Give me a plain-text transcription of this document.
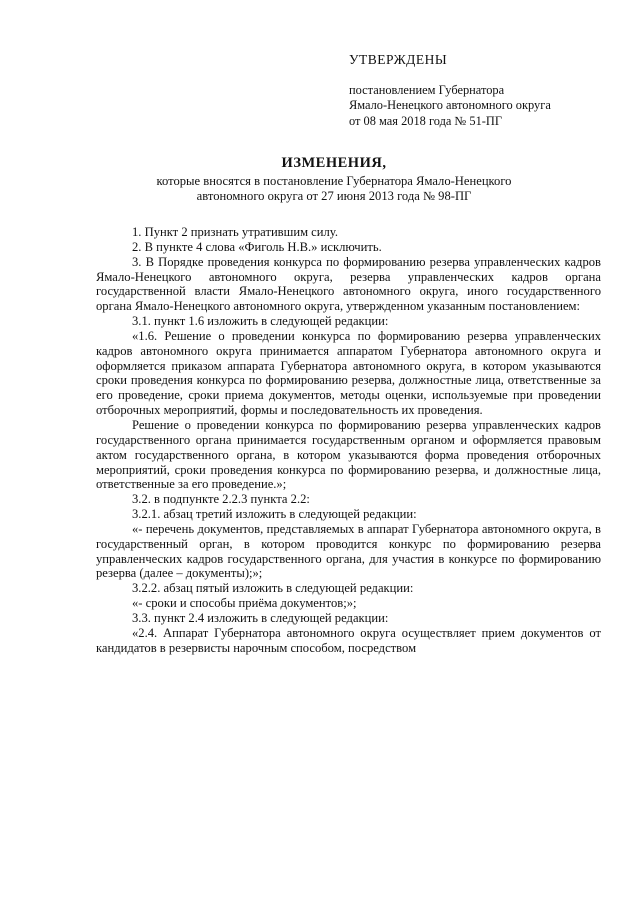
УТВЕРЖДЕНЫ
постановлением Губернатора
Ямало-Ненецкого автономного округа
от 08 мая 2018 года № 51-ПГ
ИЗМЕНЕНИЯ,
которые вносятся в постановление Губернатора Ямало-Ненецкого
автономного округа от 27 июня 2013 года № 98-ПГ

1. Пункт 2 признать утратившим силу.

2. В пункте 4 слова «Фиголь Н.В.» исключить.

3. В Порядке проведения конкурса по формированию резерва управленческих кадров Ямало-Ненецкого автономного округа, резерва управленческих кадров органа государственной власти Ямало-Ненецкого автономного округа, иного государственного органа Ямало-Ненецкого автономного округа, утвержденном указанным постановлением:

3.1. пункт 1.6 изложить в следующей редакции:

«1.6. Решение о проведении конкурса по формированию резерва управленческих кадров автономного округа принимается аппаратом Губернатора автономного округа и оформляется приказом аппарата Губернатора автономного округа, в котором указываются сроки проведения конкурса по формированию резерва, должностные лица, ответственные за его проведение, сроки приема документов, методы оценки, используемые при проведении отборочных мероприятий, формы и последовательность их проведения.

Решение о проведении конкурса по формированию резерва управленческих кадров государственного органа принимается государственным органом и оформляется правовым актом государственного органа, в котором указываются форма проведения отборочных мероприятий, сроки проведения конкурса по формированию резерва, и должностные лица, ответственные за его проведение.»;

3.2. в подпункте 2.2.3 пункта 2.2:

3.2.1. абзац третий изложить в следующей редакции:

«- перечень документов, представляемых в аппарат Губернатора автономного округа, в государственный орган, в котором проводится конкурс по формированию резерва управленческих кадров государственного органа, для участия в конкурсе по формированию резерва (далее – документы);»;

3.2.2. абзац пятый изложить в следующей редакции:

«- сроки и способы приёма документов;»;

3.3. пункт 2.4 изложить в следующей редакции:

«2.4. Аппарат Губернатора автономного округа осуществляет прием документов от кандидатов в резервисты нарочным способом, посредством
